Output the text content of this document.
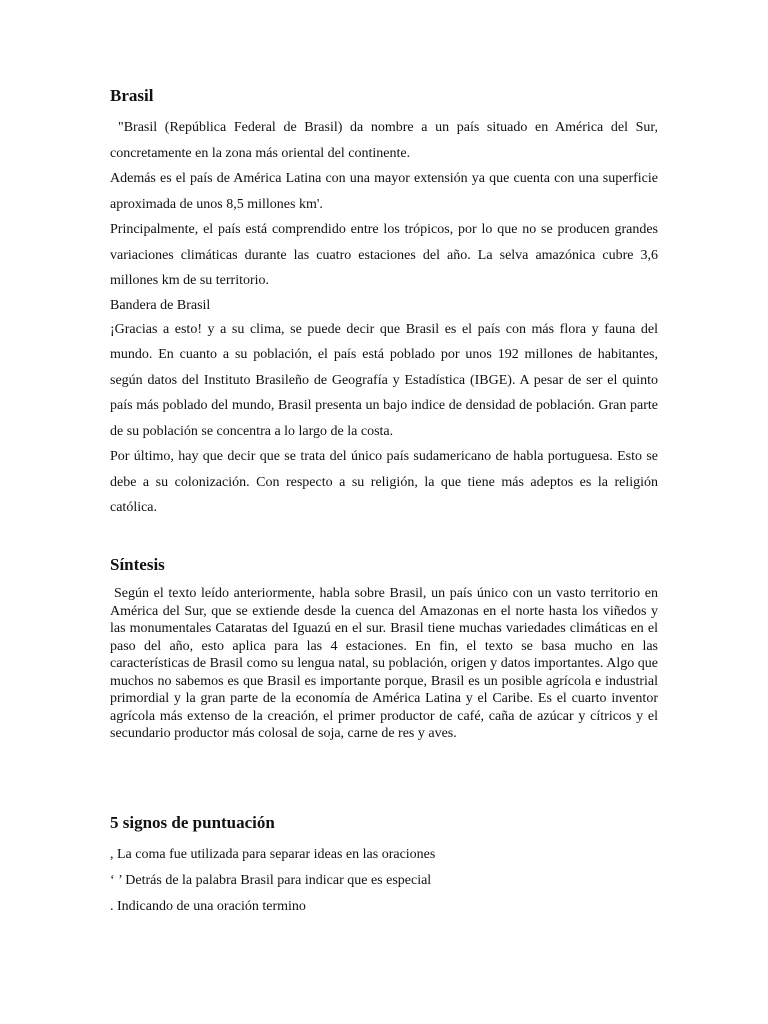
Brasil

"Brasil (República Federal de Brasil) da nombre a un país situado en América del Sur, concretamente en la zona más oriental del continente.

Además es el país de América Latina con una mayor extensión ya que cuenta con una superficie aproximada de unos 8,5 millones km'.

Principalmente, el país está comprendido entre los trópicos, por lo que no se producen grandes variaciones climáticas durante las cuatro estaciones del año. La selva amazónica cubre 3,6 millones km de su territorio.

Bandera de Brasil

¡Gracias a esto! y a su clima, se puede decir que Brasil es el país con más flora y fauna del mundo. En cuanto a su población, el país está poblado por unos 192 millones de habitantes, según datos del Instituto Brasileño de Geografía y Estadística (IBGE). A pesar de ser el quinto país más poblado del mundo, Brasil presenta un bajo indice de densidad de población. Gran parte de su población se concentra a lo largo de la costa.

Por último, hay que decir que se trata del único país sudamericano de habla portuguesa. Esto se debe a su colonización. Con respecto a su religión, la que tiene más adeptos es la religión católica.

Síntesis

Según el texto leído anteriormente, habla sobre Brasil, un país único con un vasto territorio en América del Sur, que se extiende desde la cuenca del Amazonas en el norte hasta los viñedos y las monumentales Cataratas del Iguazú en el sur. Brasil tiene muchas variedades climáticas en el paso del año, esto aplica para las 4 estaciones. En fin, el texto se basa mucho en las características de Brasil como su lengua natal, su población, origen y datos importantes. Algo que muchos no sabemos es que Brasil es importante porque, Brasil es un posible agrícola e industrial primordial y la gran parte de la economía de América Latina y el Caribe. Es el cuarto inventor agrícola más extenso de la creación, el primer productor de café, caña de azúcar y cítricos y el secundario productor más colosal de soja, carne de res y aves.

5 signos de puntuación

, La coma fue utilizada para separar ideas en las oraciones

‘ ’ Detrás de la palabra Brasil para indicar que es especial

. Indicando de una oración termino
